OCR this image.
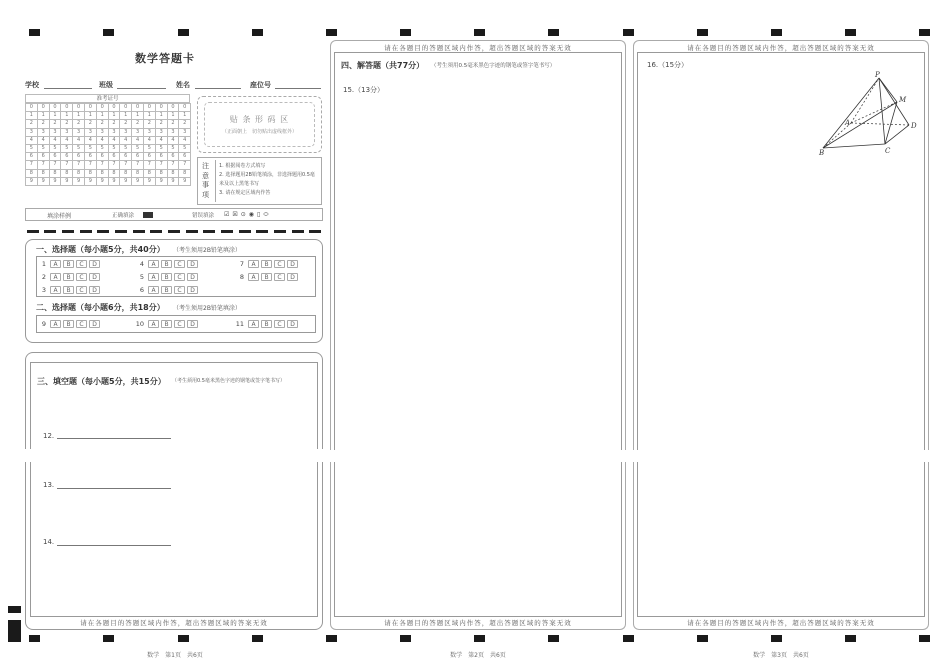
数学答题卡
学校	班级	姓名	座位号
准考证号
0	0	0	0	0	0	0	0	0	0	0	0	0	0
1	1	1	1	1	1	1	1	1	1	1	1	1	1
2	2	2	2	2	2	2	2	2	2	2	2	2	2
3	3	3	3	3	3	3	3	3	3	3	3	3	3
4	4	4	4	4	4	4	4	4	4	4	4	4	4
5	5	5	5	5	5	5	5	5	5	5	5	5	5
6	6	6	6	6	6	6	6	6	6	6	6	6	6
7	7	7	7	7	7	7	7	7	7	7	7	7	7
8	8	8	8	8	8	8	8	8	8	8	8	8	8
9	9	9	9	9	9	9	9	9	9	9	9	9	9
贴 条 形 码 区
（正面朝上　切勿贴出虚线框外）
注意事项
1. 根据阅卷方式填写
2. 选择题用2B铅笔填涂，非选择题用0.5毫米及以上黑笔书写
3. 请在规定区域内作答
填涂样例	正确填涂	错误填涂 ☑☒⊙◉▯⬭
一、选择题（每小题5分，共40分） （考生须用2B铅笔填涂）
1	A	B	C	D	4	A	B	C	D	7	A	B	C	D
2	A	B	C	D	5	A	B	C	D	8	A	B	C	D
3	A	B	C	D	6	A	B	C	D
二、选择题（每小题6分，共18分） （考生须用2B铅笔填涂）
9	A	B	C	D	10	A	B	C	D	11	A	B	C	D
三、填空题（每小题5分，共15分） （考生须用0.5毫米黑色字迹的钢笔或签字笔书写）
12.
13.
14.
请在各题目的答题区域内作答，超出答题区域的答案无效
请在各题目的答题区域内作答，超出答题区域的答案无效
四、解答题（共77分） （考生须用0.5毫米黑色字迹的钢笔或签字笔书写）
15.（13分）
请在各题目的答题区域内作答，超出答题区域的答案无效
请在各题目的答题区域内作答，超出答题区域的答案无效
16.（15分）
P
M
A	D
B	C
请在各题目的答题区域内作答，超出答题区域的答案无效
数学　第1页　共6页	数学　第2页　共6页	数学　第3页　共6页
